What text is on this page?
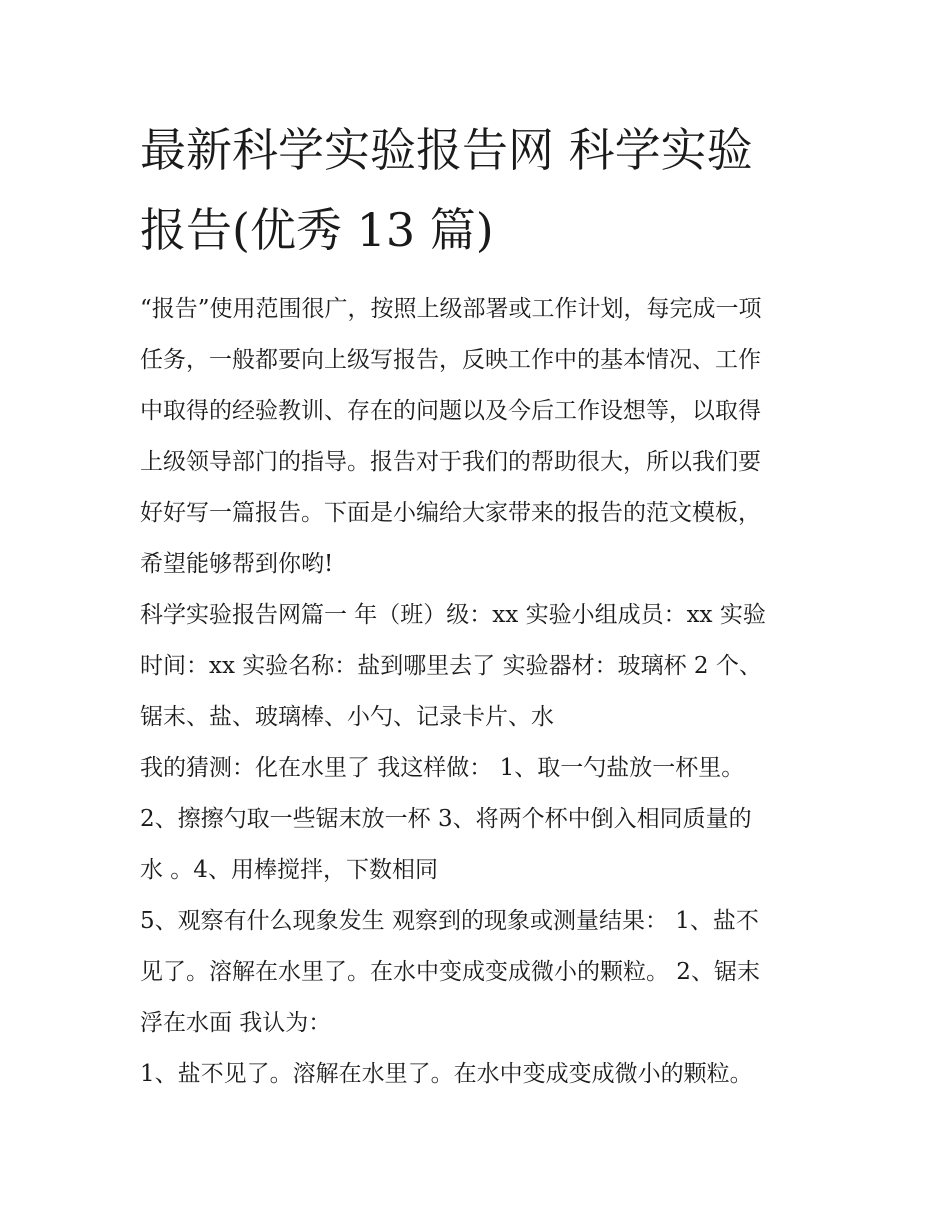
最新科学实验报告网 科学实验
报告(优秀 13 篇)
“报告”使用范围很广，按照上级部署或工作计划，每完成一项
任务，一般都要向上级写报告，反映工作中的基本情况、工作
中取得的经验教训、存在的问题以及今后工作设想等，以取得
上级领导部门的指导。报告对于我们的帮助很大，所以我们要
好好写一篇报告。下面是小编给大家带来的报告的范文模板，
希望能够帮到你哟!
科学实验报告网篇一 年（班）级：xx 实验小组成员：xx 实验
时间：xx 实验名称：盐到哪里去了 实验器材：玻璃杯 2 个、
锯末、盐、玻璃棒、小勺、记录卡片、水
我的猜测：化在水里了 我这样做： 1、取一勺盐放一杯里。
2、擦擦勺取一些锯末放一杯 3、将两个杯中倒入相同质量的
水 。4、用棒搅拌，下数相同
5、观察有什么现象发生 观察到的现象或测量结果： 1、盐不
见了。溶解在水里了。在水中变成变成微小的颗粒。 2、锯末
浮在水面 我认为：
1、盐不见了。溶解在水里了。在水中变成变成微小的颗粒。
